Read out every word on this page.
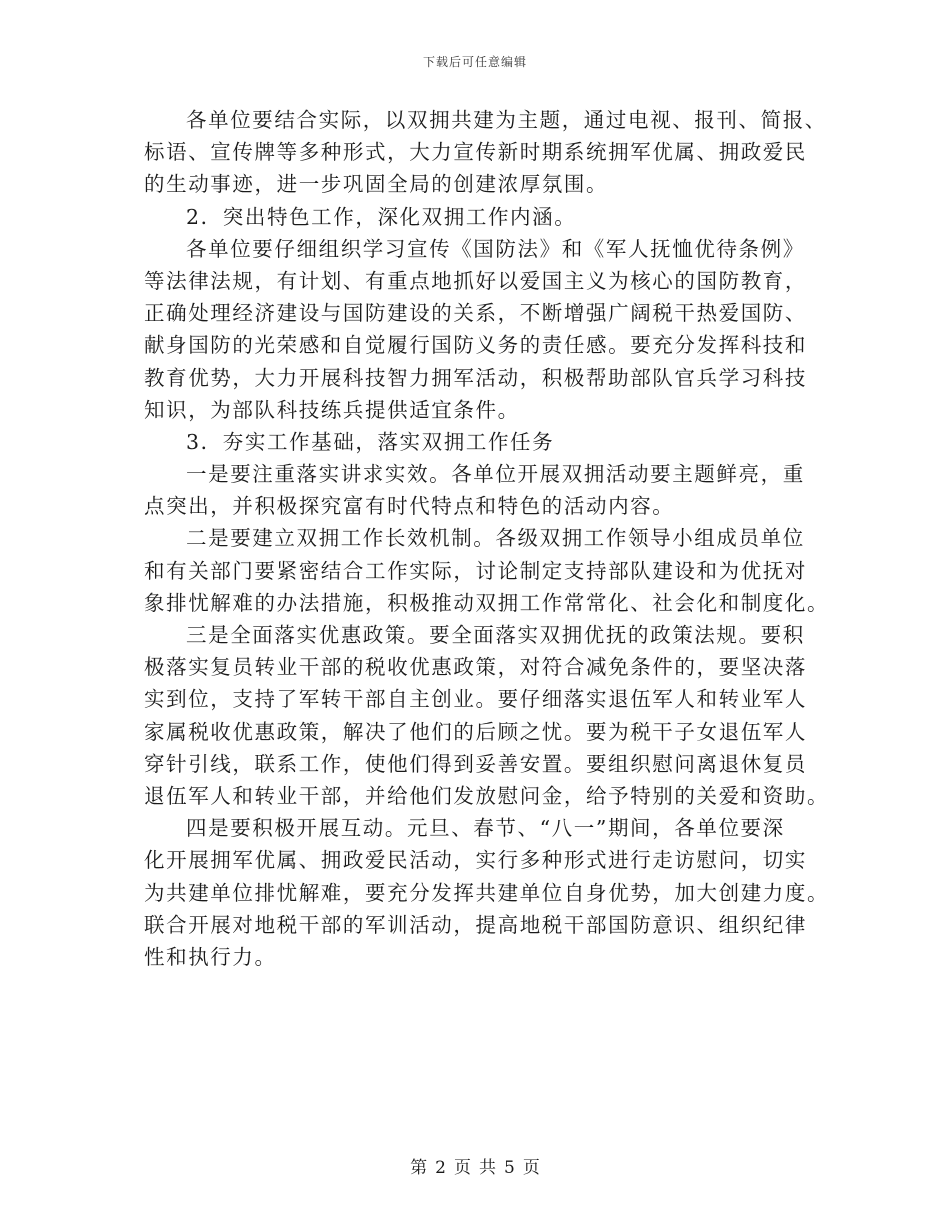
下载后可任意编辑
各单位要结合实际，以双拥共建为主题，通过电视、报刊、简报、
标语、宣传牌等多种形式，大力宣传新时期系统拥军优属、拥政爱民
的生动事迹，进一步巩固全局的创建浓厚氛围。
2．突出特色工作，深化双拥工作内涵。
各单位要仔细组织学习宣传《国防法》和《军人抚恤优待条例》
等法律法规，有计划、有重点地抓好以爱国主义为核心的国防教育，
正确处理经济建设与国防建设的关系，不断增强广阔税干热爱国防、
献身国防的光荣感和自觉履行国防义务的责任感。要充分发挥科技和
教育优势，大力开展科技智力拥军活动，积极帮助部队官兵学习科技
知识，为部队科技练兵提供适宜条件。
3．夯实工作基础，落实双拥工作任务
一是要注重落实讲求实效。各单位开展双拥活动要主题鲜亮，重
点突出，并积极探究富有时代特点和特色的活动内容。
二是要建立双拥工作长效机制。各级双拥工作领导小组成员单位
和有关部门要紧密结合工作实际，讨论制定支持部队建设和为优抚对
象排忧解难的办法措施，积极推动双拥工作常常化、社会化和制度化。
三是全面落实优惠政策。要全面落实双拥优抚的政策法规。要积
极落实复员转业干部的税收优惠政策，对符合减免条件的，要坚决落
实到位，支持了军转干部自主创业。要仔细落实退伍军人和转业军人
家属税收优惠政策，解决了他们的后顾之忧。要为税干子女退伍军人
穿针引线，联系工作，使他们得到妥善安置。要组织慰问离退休复员
退伍军人和转业干部，并给他们发放慰问金，给予特别的关爱和资助。
四是要积极开展互动。元旦、春节、“八一”期间，各单位要深
化开展拥军优属、拥政爱民活动，实行多种形式进行走访慰问，切实
为共建单位排忧解难，要充分发挥共建单位自身优势，加大创建力度。
联合开展对地税干部的军训活动，提高地税干部国防意识、组织纪律
性和执行力。
第 2 页 共 5 页
